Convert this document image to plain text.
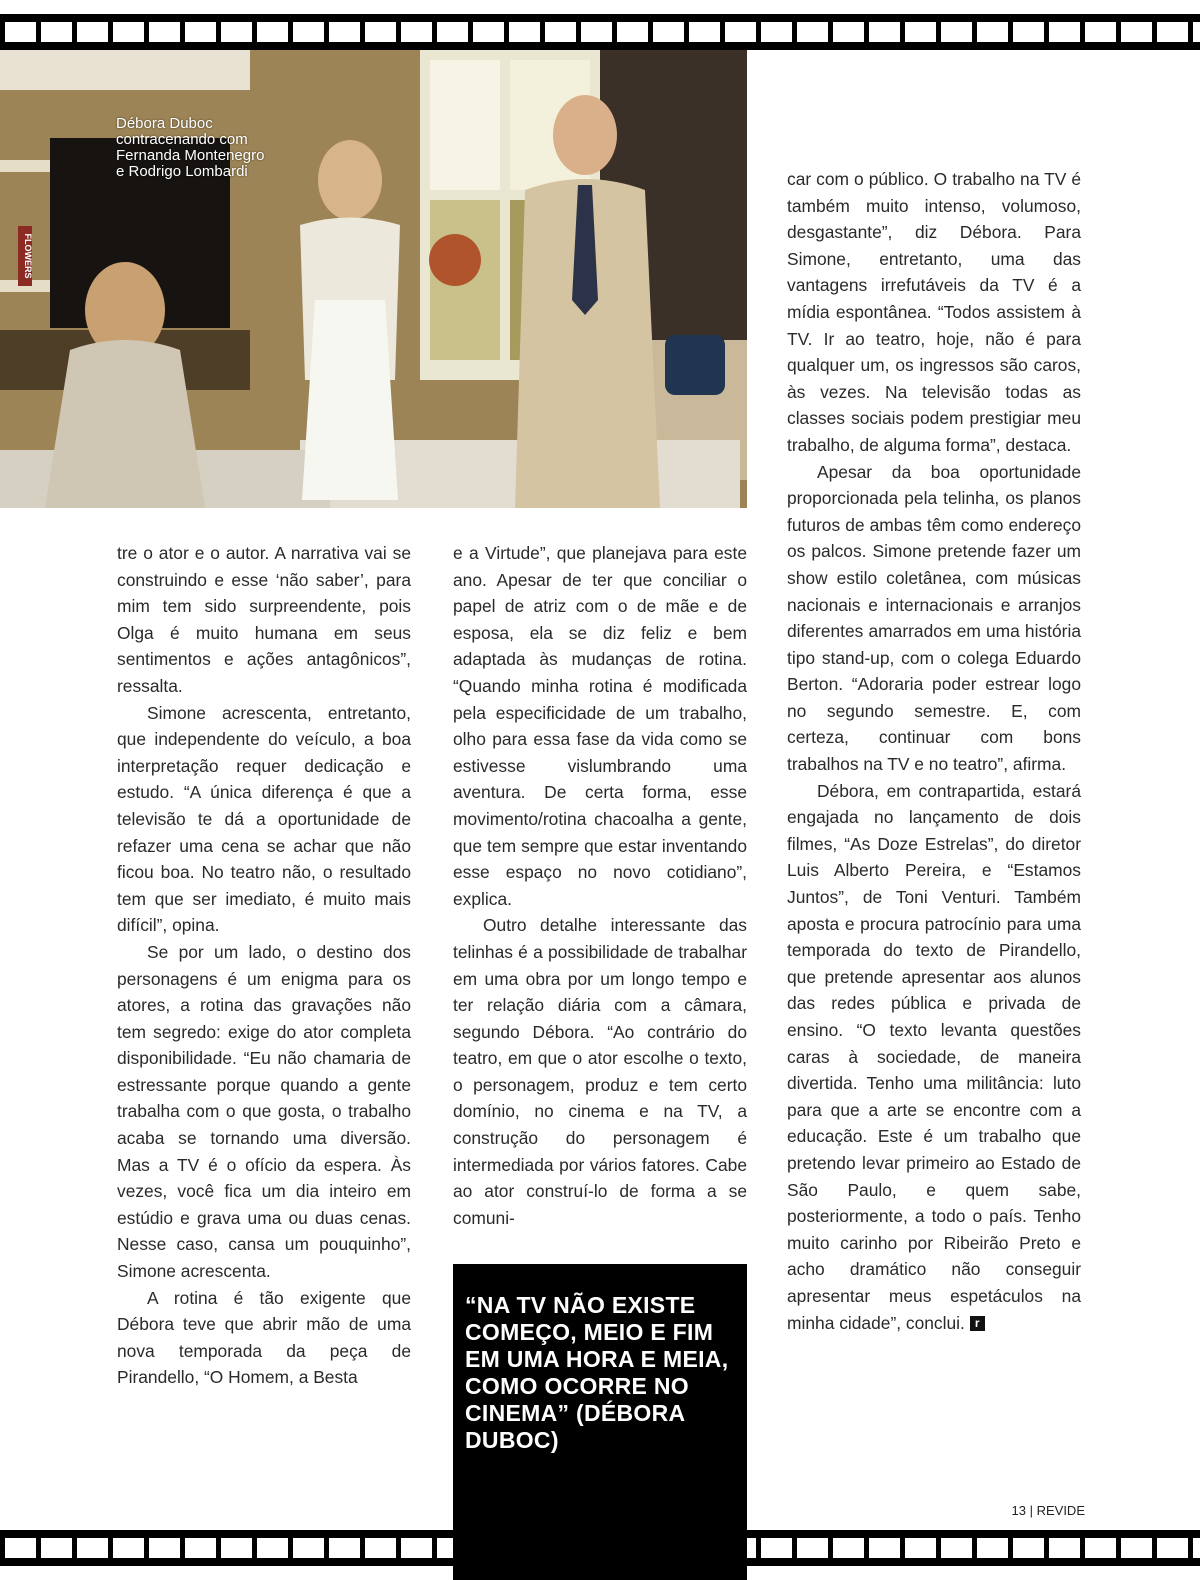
FLOWERS
Débora Duboc
contracenando com
Fernanda Montenegro
e Rodrigo Lombardi

tre o ator e o autor. A narrativa vai se construindo e esse ‘não saber’, para mim tem sido surpreendente, pois Olga é muito humana em seus sentimentos e ações antagônicos”, ressalta.

Simone acrescenta, entretanto, que independente do veículo, a boa interpretação requer dedicação e estudo. “A única diferença é que a televisão te dá a oportunidade de refazer uma cena se achar que não ficou boa. No teatro não, o resultado tem que ser imediato, é muito mais difícil”, opina.

Se por um lado, o destino dos personagens é um enigma para os atores, a rotina das gravações não tem segredo: exige do ator completa disponibilidade. “Eu não chamaria de estressante porque quando a gente trabalha com o que gosta, o trabalho acaba se tornando uma diversão. Mas a TV é o ofício da espera. Às vezes, você fica um dia inteiro em estúdio e grava uma ou duas cenas. Nesse caso, cansa um pouquinho”, Simone acrescenta.

A rotina é tão exigente que Débora teve que abrir mão de uma nova temporada da peça de Pirandello, “O Homem, a Besta

e a Virtude”, que planejava para este ano. Apesar de ter que conciliar o papel de atriz com o de mãe e de esposa, ela se diz feliz e bem adaptada às mudanças de rotina. “Quando minha rotina é modificada pela especificidade de um trabalho, olho para essa fase da vida como se estivesse vislumbrando uma aventura. De certa forma, esse movimento/rotina chacoalha a gente, que tem sempre que estar inventando esse espaço no novo cotidiano”, explica.

Outro detalhe interessante das telinhas é a possibilidade de trabalhar em uma obra por um longo tempo e ter relação diária com a câmara, segundo Débora. “Ao contrário do teatro, em que o ator escolhe o texto, o personagem, produz e tem certo domínio, no cinema e na TV, a construção do personagem é intermediada por vários fatores. Cabe ao ator construí-lo de forma a se comuni-

car com o público. O trabalho na TV é também muito intenso, volumoso, desgastante”, diz Débora. Para Simone, entretanto, uma das vantagens irrefutáveis da TV é a mídia espontânea. “Todos assistem à TV. Ir ao teatro, hoje, não é para qualquer um, os ingressos são caros, às vezes. Na televisão todas as classes sociais podem prestigiar meu trabalho, de alguma forma”, destaca.

Apesar da boa oportunidade proporcionada pela telinha, os planos futuros de ambas têm como endereço os palcos. Simone pretende fazer um show estilo coletânea, com músicas nacionais e internacionais e arranjos diferentes amarrados em uma história tipo stand-up, com o colega Eduardo Berton. “Adoraria poder estrear logo no segundo semestre. E, com certeza, continuar com bons trabalhos na TV e no teatro”, afirma.

Débora, em contrapartida, estará engajada no lançamento de dois filmes, “As Doze Estrelas”, do diretor Luis Alberto Pereira, e “Estamos Juntos”, de Toni Venturi. Também aposta e procura patrocínio para uma temporada do texto de Pirandello, que pretende apresentar aos alunos das redes pública e privada de ensino. “O texto levanta questões caras à sociedade, de maneira divertida. Tenho uma militância: luto para que a arte se encontre com a educação. Este é um trabalho que pretendo levar primeiro ao Estado de São Paulo, e quem sabe, posteriormente, a todo o país. Tenho muito carinho por Ribeirão Preto e acho dramático não conseguir apresentar meus espetáculos na minha cidade”, conclui. r

“NA TV NÃO EXISTE COMEÇO, MEIO E FIM EM UMA HORA E MEIA, COMO OCORRE NO CINEMA” (DÉBORA DUBOC)

13 | REVIDE
